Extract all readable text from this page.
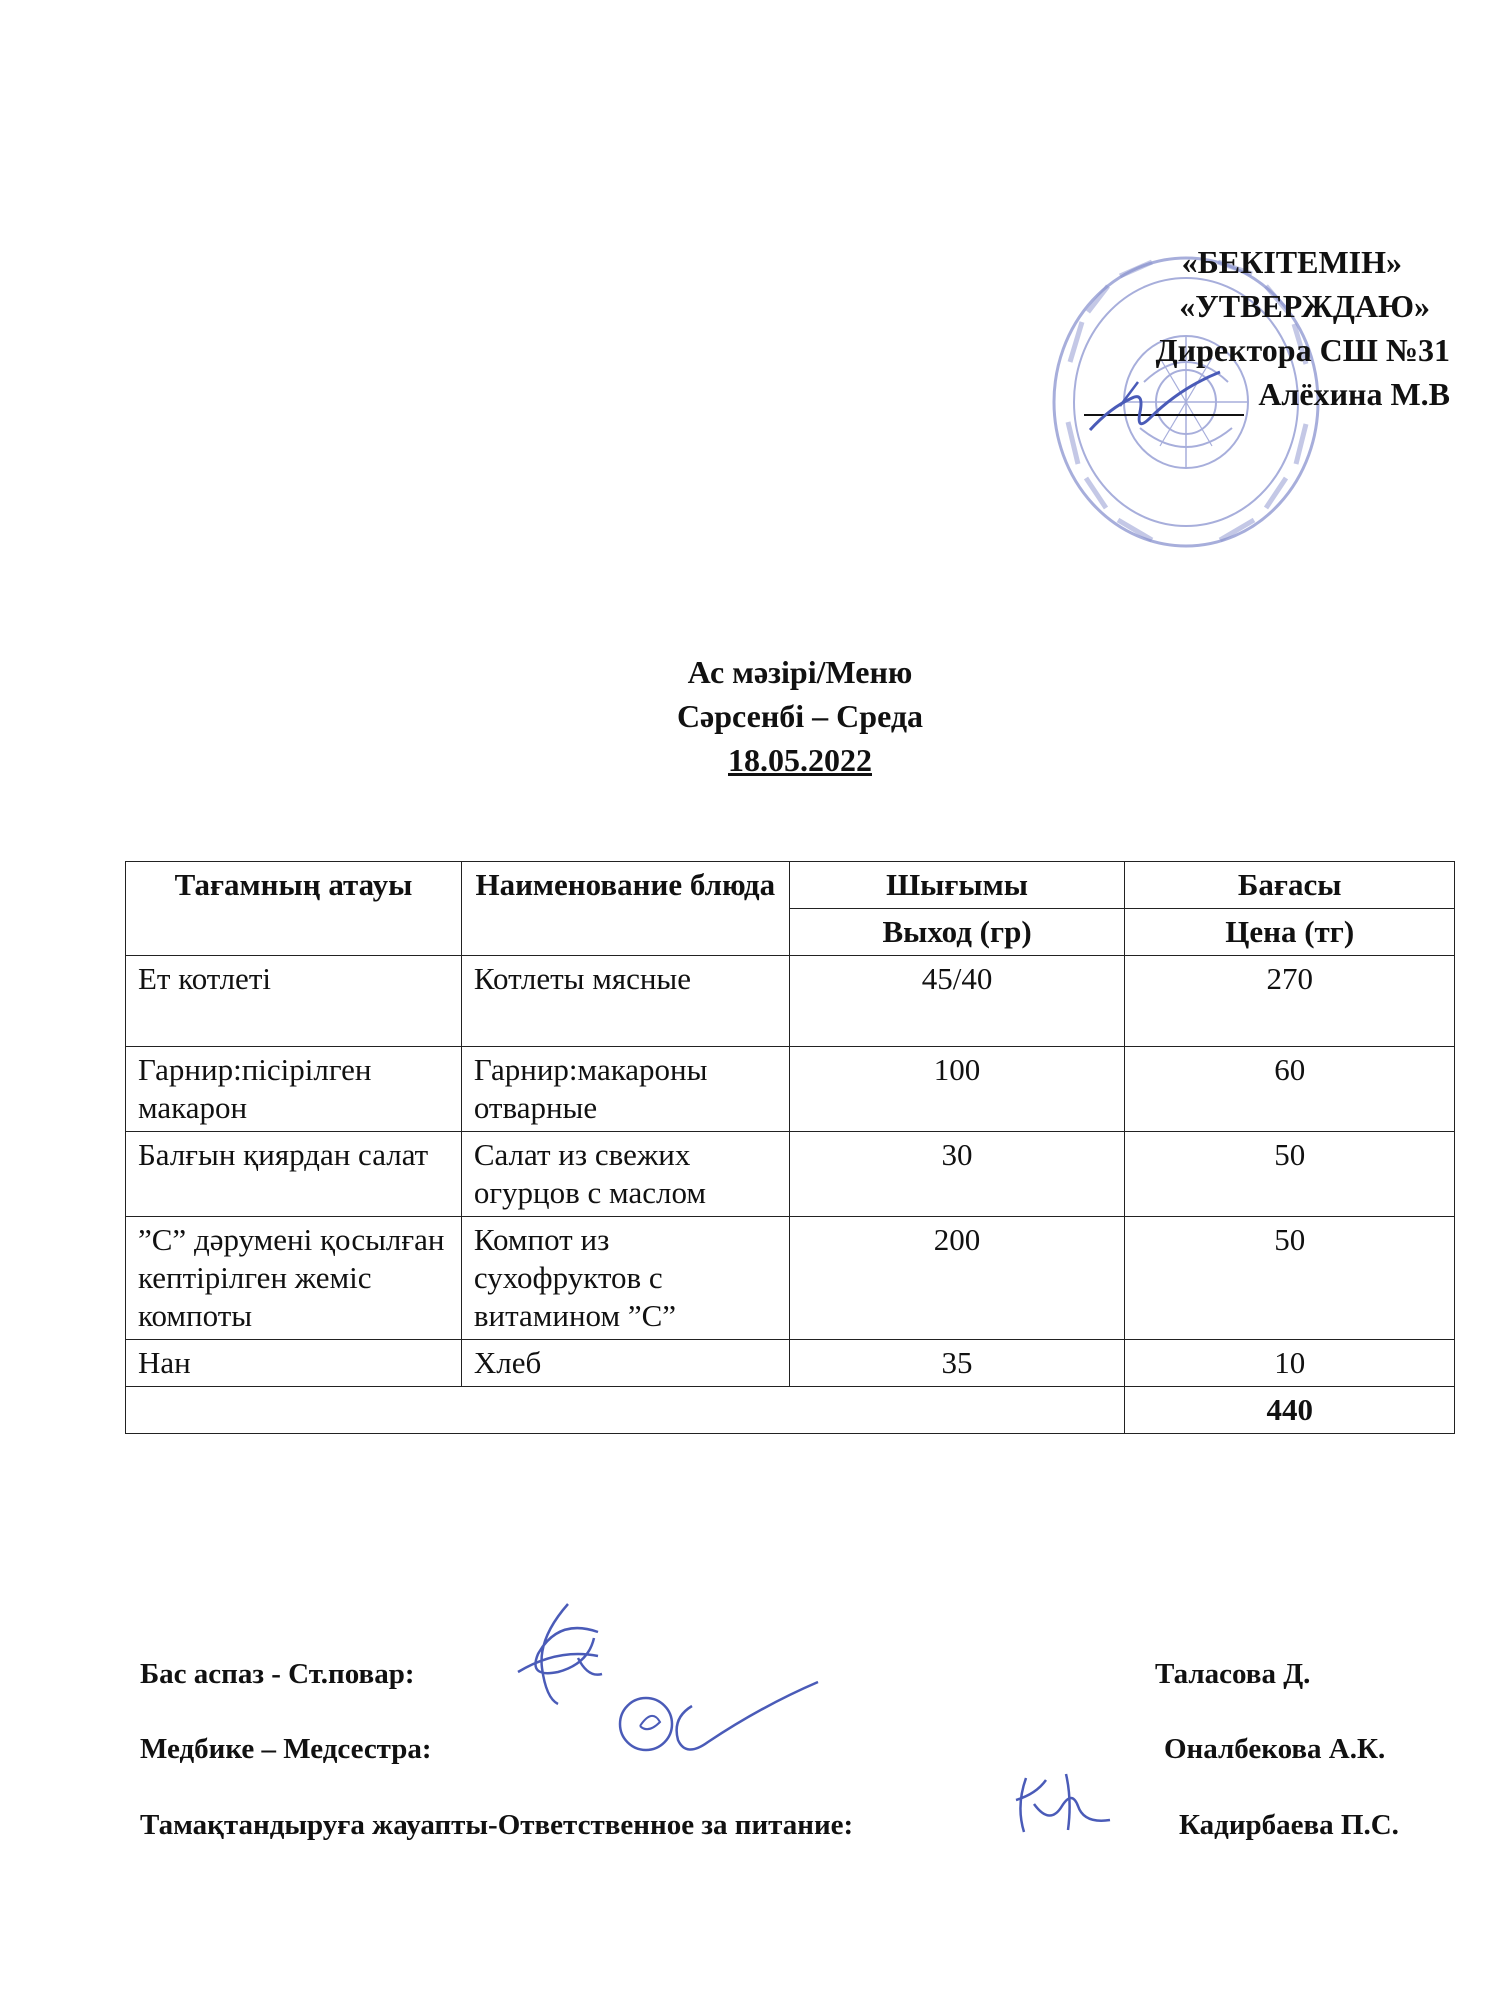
«БЕКІТЕМІН»
«УТВЕРЖДАЮ»
Директора СШ №31
Алёхина М.В
Ас мәзірі/Меню
Сәрсенбі – Среда
18.05.2022
Тағамның атауы	Наименование блюда	Шығымы	Бағасы
		Выход (гр)	Цена (тг)
Ет котлеті	Котлеты мясные	45/40	270
Гарнир:пісірілген макарон	Гарнир:макароны отварные	100	60
Балғын қиярдан салат	Салат из свежих огурцов с маслом	30	50
”С” дәрумені қосылған кептірілген жеміс компоты	Компот из сухофруктов с витамином ”С”	200	50
Нан	Хлеб	35	10
			440
Бас аспаз - Ст.повар:	Таласова Д.
Медбике – Медсестра:	Оналбекова А.К.
Тамақтандыруға жауапты-Ответственное за питание:	Кадирбаева П.С.
